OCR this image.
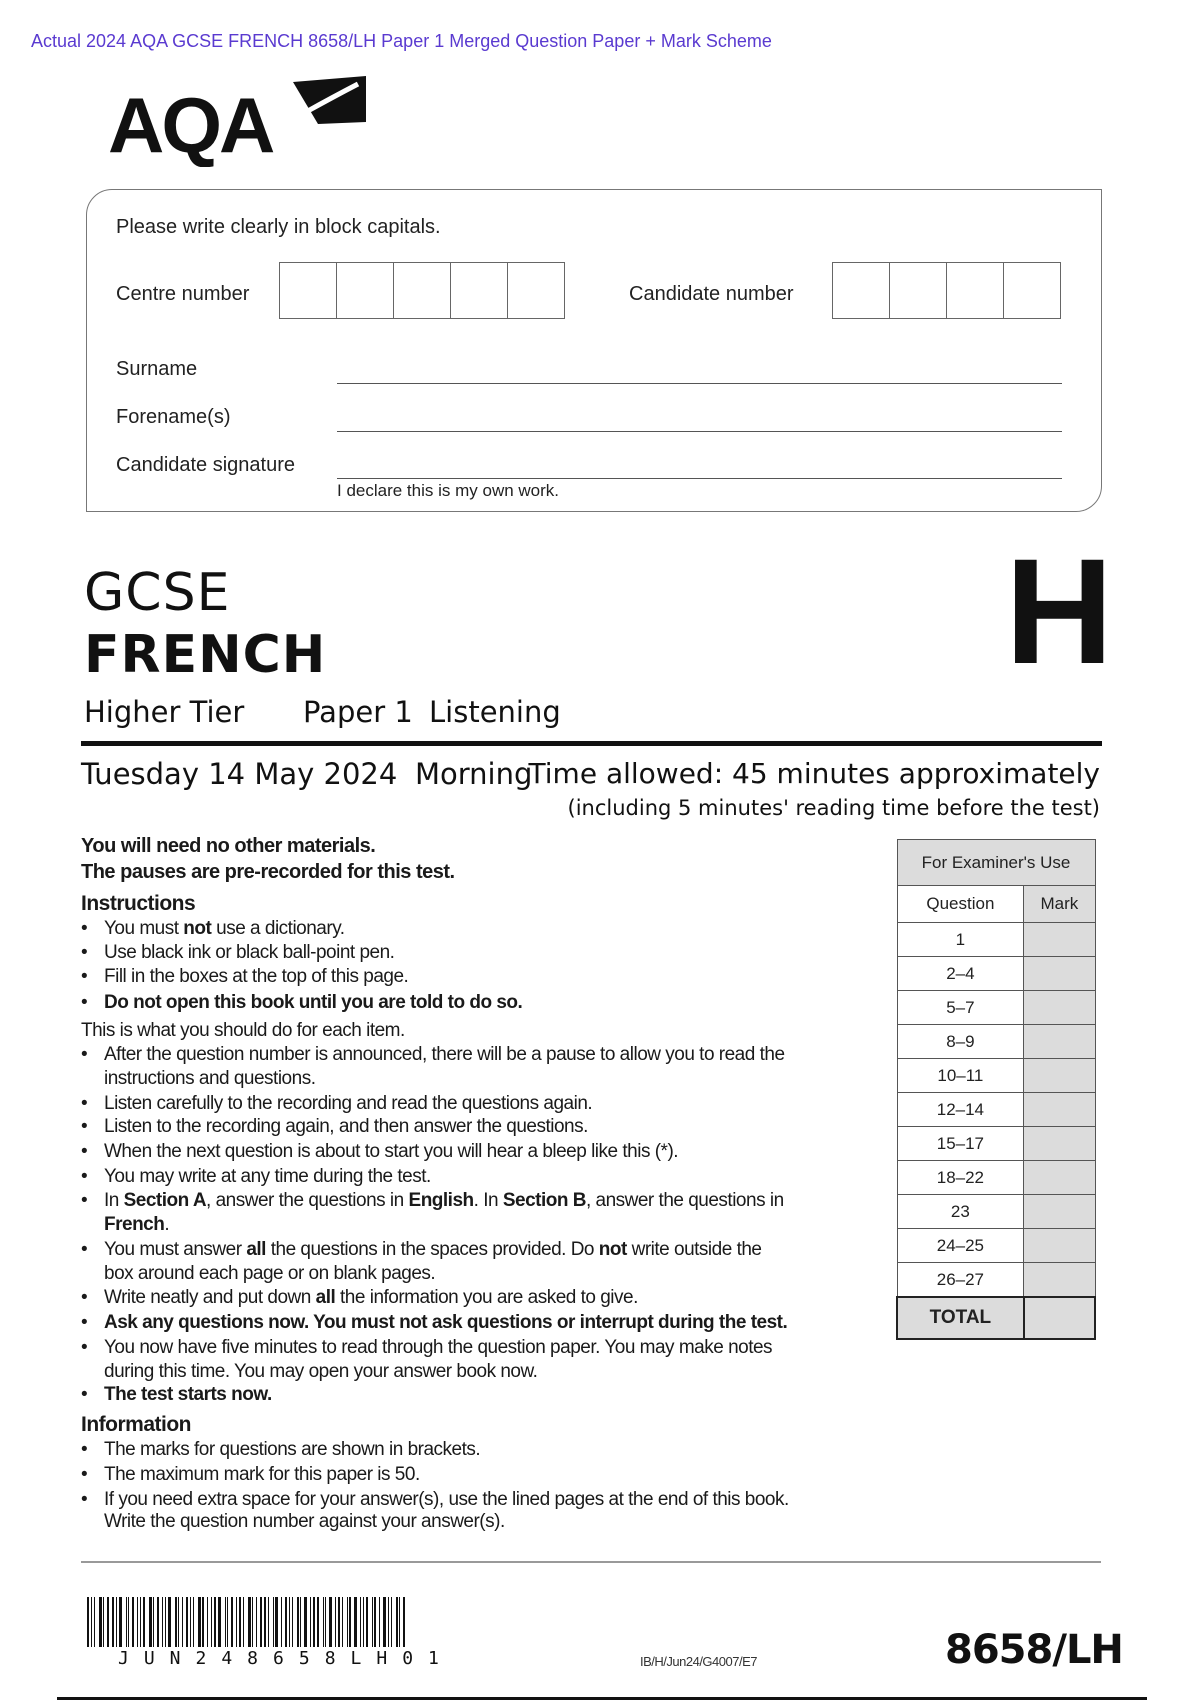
Actual 2024 AQA GCSE FRENCH 8658/LH Paper 1 Merged Question Paper + Mark Scheme
AQA
Please write clearly in block capitals.
Centre number	Candidate number
Surname
Forename(s)
Candidate signature
I declare this is my own work.
GCSE
FRENCH	H
Higher Tier Paper 1 Listening
Tuesday 14 May 2024 Morning
Time allowed: 45 minutes approximately
(including 5 minutes' reading time before the test)
You will need no other materials.
The pauses are pre-recorded for this test.
Instructions
• You must not use a dictionary.
• Use black ink or black ball-point pen.
• Fill in the boxes at the top of this page.
• Do not open this book until you are told to do so.
This is what you should do for each item.
• After the question number is announced, there will be a pause to allow you to read the
instructions and questions.
• Listen carefully to the recording and read the questions again.
• Listen to the recording again, and then answer the questions.
• When the next question is about to start you will hear a bleep like this (*).
• You may write at any time during the test.
• In Section A, answer the questions in English. In Section B, answer the questions in
French.
• You must answer all the questions in the spaces provided. Do not write outside the
box around each page or on blank pages.
• Write neatly and put down all the information you are asked to give.
• Ask any questions now. You must not ask questions or interrupt during the test.
• You now have five minutes to read through the question paper. You may make notes
during this time. You may open your answer book now.
• The test starts now.
Information
• The marks for questions are shown in brackets.
• The maximum mark for this paper is 50.
• If you need extra space for your answer(s), use the lined pages at the end of this book.
Write the question number against your answer(s).
For Examiner's Use	
Question	Mark
1	
2–4	
5–7	
8–9	
10–11	
12–14	
15–17	
18–22	
23	
24–25	
26–27	
TOTAL	
JUN248658LH01	IB/H/Jun24/G4007/E7	8658/LH
